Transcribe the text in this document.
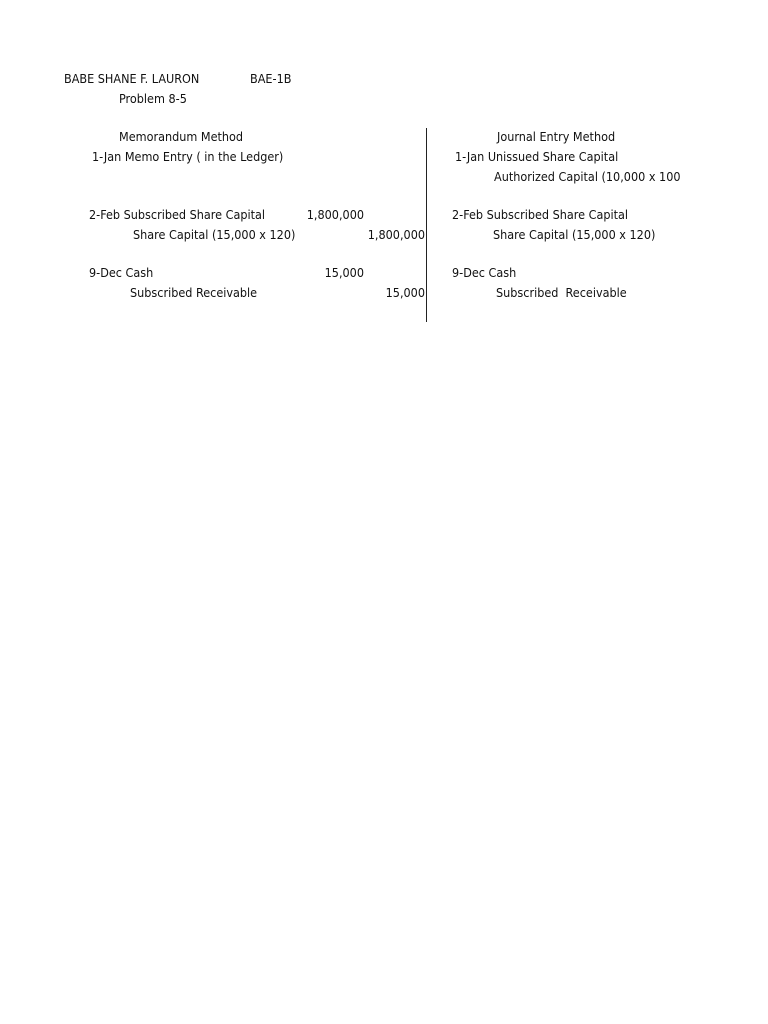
BABE SHANE F. LAURON	BAE-1B
Problem 8-5
Memorandum Method
1-Jan Memo Entry ( in the Ledger)
2-Feb Subscribed Share Capital	1,800,000
Share Capital (15,000 x 120)	1,800,000
9-Dec Cash	15,000
Subscribed Receivable	15,000
Journal Entry Method
1-Jan Unissued Share Capital
Authorized Capital (10,000 x 100
2-Feb Subscribed Share Capital
Share Capital (15,000 x 120)
9-Dec Cash
Subscribed  Receivable
